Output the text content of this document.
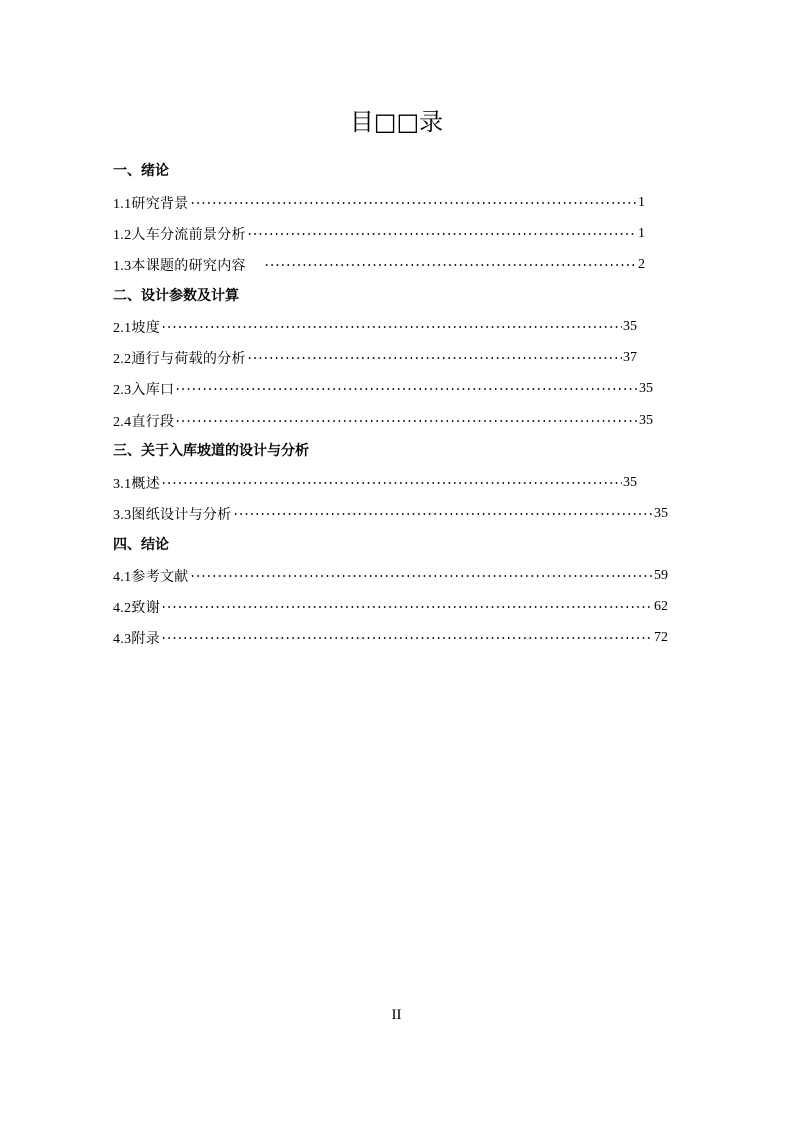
目□□录
一、绪论
1.1研究背景	1
1.2人车分流前景分析	1
1.3本课题的研究内容	2
二、设计参数及计算
2.1坡度	35
2.2通行与荷载的分析	37
2.3入库口	35
2.4直行段	35
三、关于入库坡道的设计与分析
3.1概述	35
3.3图纸设计与分析	35
四、结论
4.1参考文献	59
4.2致谢	62
4.3附录	72
II
